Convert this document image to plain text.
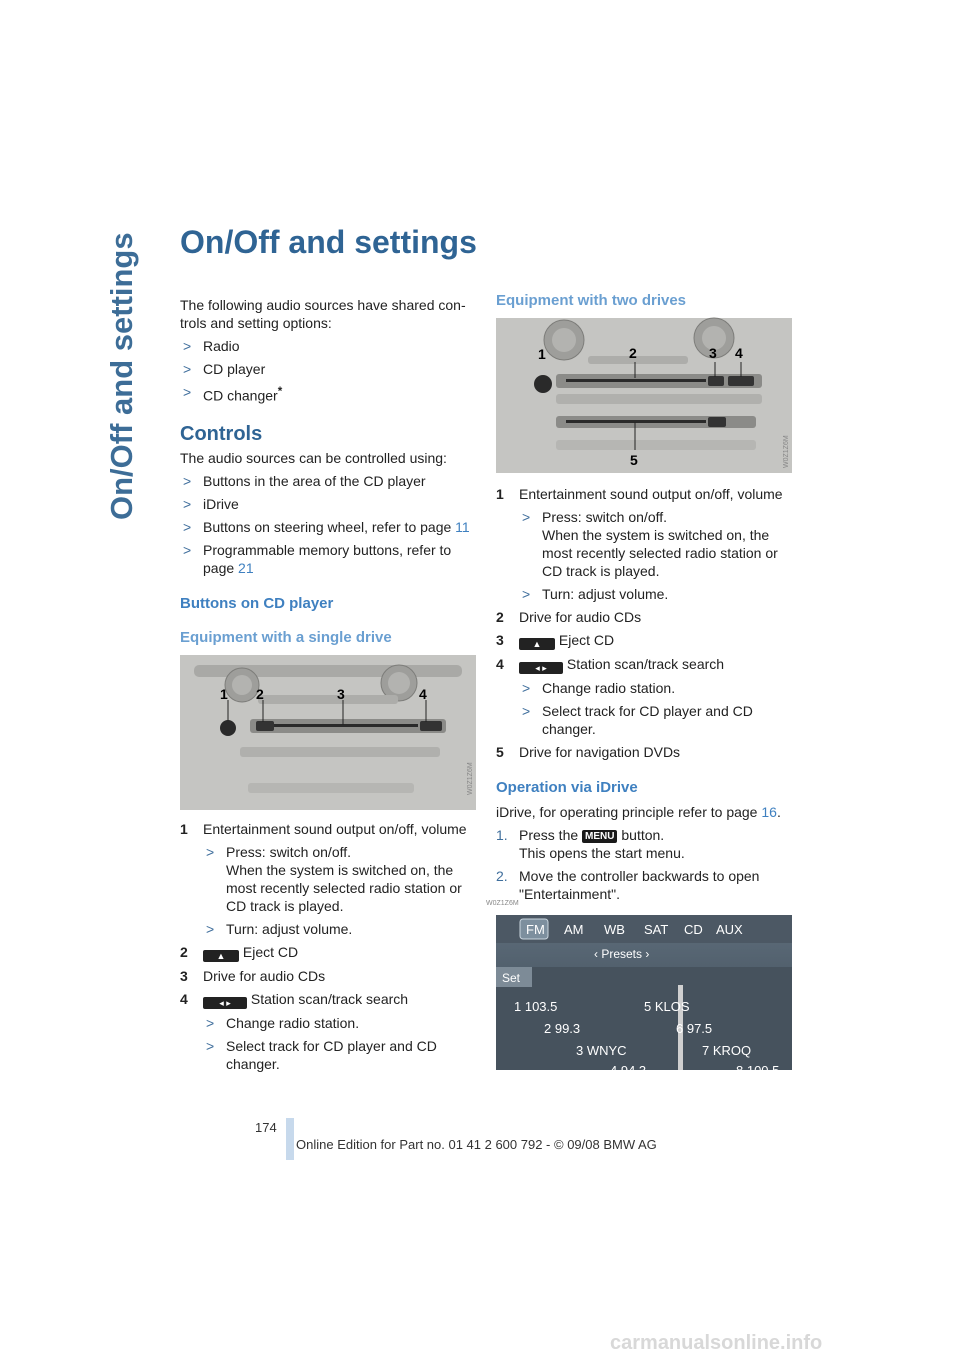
On/Off and settings	On/Off and settings

The following audio sources have shared con-trols and setting options:

> Radio
> CD player
> CD changer*
Controls

The audio sources can be controlled using:

> Buttons in the area of the CD player
> iDrive
> Buttons on steering wheel, refer to page 11
> Programmable memory buttons, refer to page 21
Buttons on CD player
Equipment with a single drive
1 2	3	4
W0Z1Z6M
1 Entertainment sound output on/off, volume
> Press: switch on/off.
When the system is switched on, the most recently selected radio station or CD track is played.
> Turn: adjust volume.
2	▲ Eject CD
3 Drive for audio CDs
4	◂ ▸ Station scan/track search
> Change radio station.
> Select track for CD player and CD changer.
Equipment with two drives
1	2	3 4
5	W0Z1Z6M
1 Entertainment sound output on/off, volume
> Press: switch on/off.
When the system is switched on, the most recently selected radio station or CD track is played.
> Turn: adjust volume.
2 Drive for audio CDs
3	▲ Eject CD
4	◂ ▸ Station scan/track search
> Change radio station.
> Select track for CD player and CD changer.
5 Drive for navigation DVDs
Operation via iDrive

iDrive, for operating principle refer to page 16.

1. Press the MENU button.
This opens the start menu.
2. Move the controller backwards to open "Entertainment".
FM AM WB SAT CD AUX
‹ Presets ›
Set
1 103.5
2 99.3
3 WNYC
4 94.3
5 KLOS
6 97.5
7 KROQ
8 100.5
W0Z1Z6M
174
Online Edition for Part no. 01 41 2 600 792 - © 09/08 BMW AG
carmanualsonline.info
